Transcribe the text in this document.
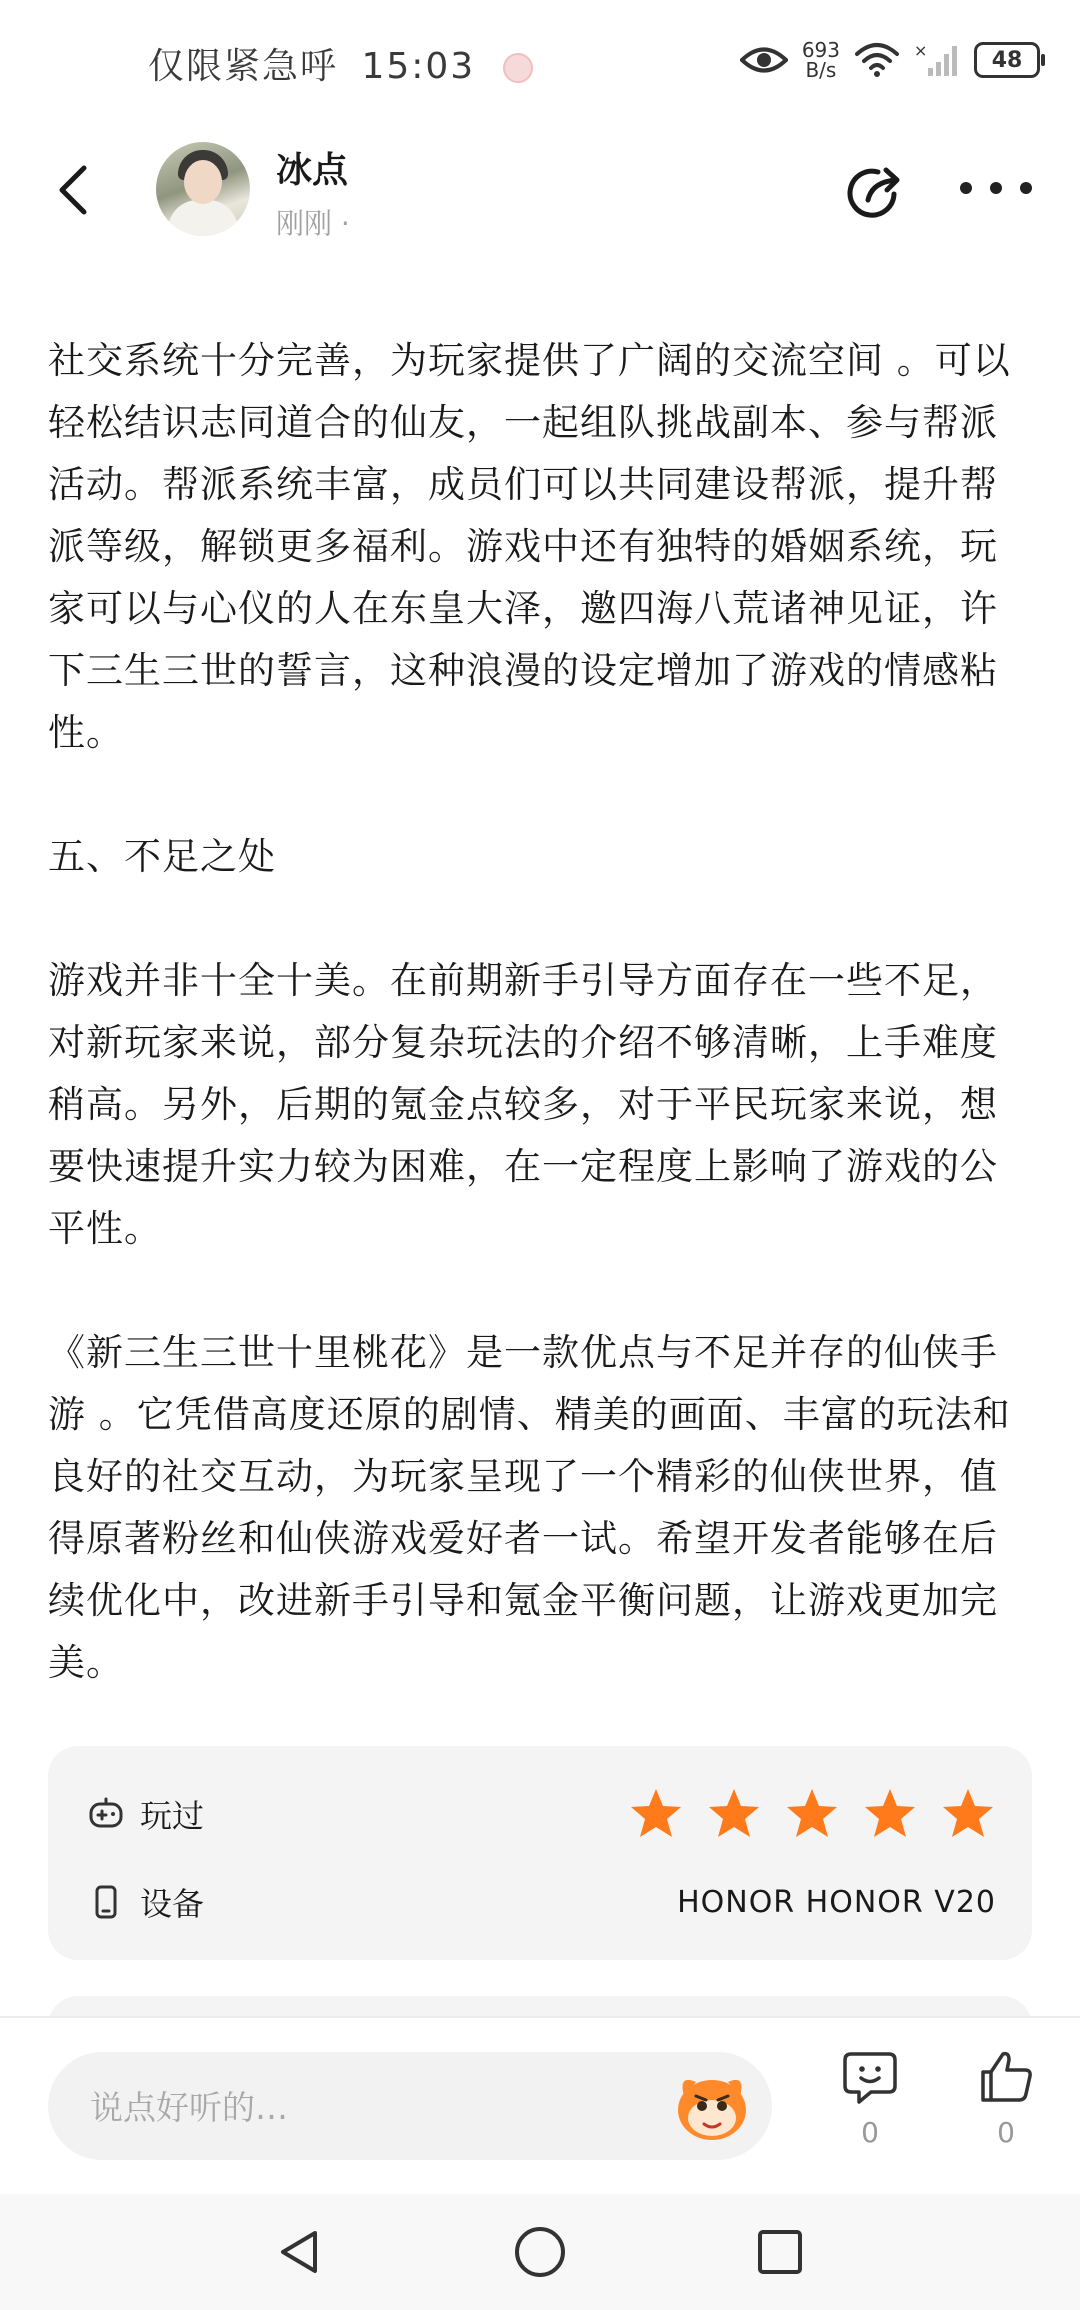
仅限紧急呼 15:03	693
B/s
×	48
冰点
刚刚 ·

社交系统十分完善，为玩家提供了广阔的交流空间 。可以轻松结识志同道合的仙友，一起组队挑战副本、参与帮派活动。帮派系统丰富，成员们可以共同建设帮派，提升帮派等级，解锁更多福利。游戏中还有独特的婚姻系统，玩家可以与心仪的人在东皇大泽，邀四海八荒诸神见证，许下三生三世的誓言，这种浪漫的设定增加了游戏的情感粘性。

五、不足之处

游戏并非十全十美。在前期新手引导方面存在一些不足，对新玩家来说，部分复杂玩法的介绍不够清晰，上手难度稍高。另外，后期的氪金点较多，对于平民玩家来说，想要快速提升实力较为困难，在一定程度上影响了游戏的公平性。

《新三生三世十里桃花》是一款优点与不足并存的仙侠手游 。它凭借高度还原的剧情、精美的画面、丰富的玩法和良好的社交互动，为玩家呈现了一个精彩的仙侠世界，值得原著粉丝和仙侠游戏爱好者一试。希望开发者能够在后续优化中，改进新手引导和氪金平衡问题，让游戏更加完美。

玩过
设备	HONOR HONOR V20
说点好听的…
0	0
